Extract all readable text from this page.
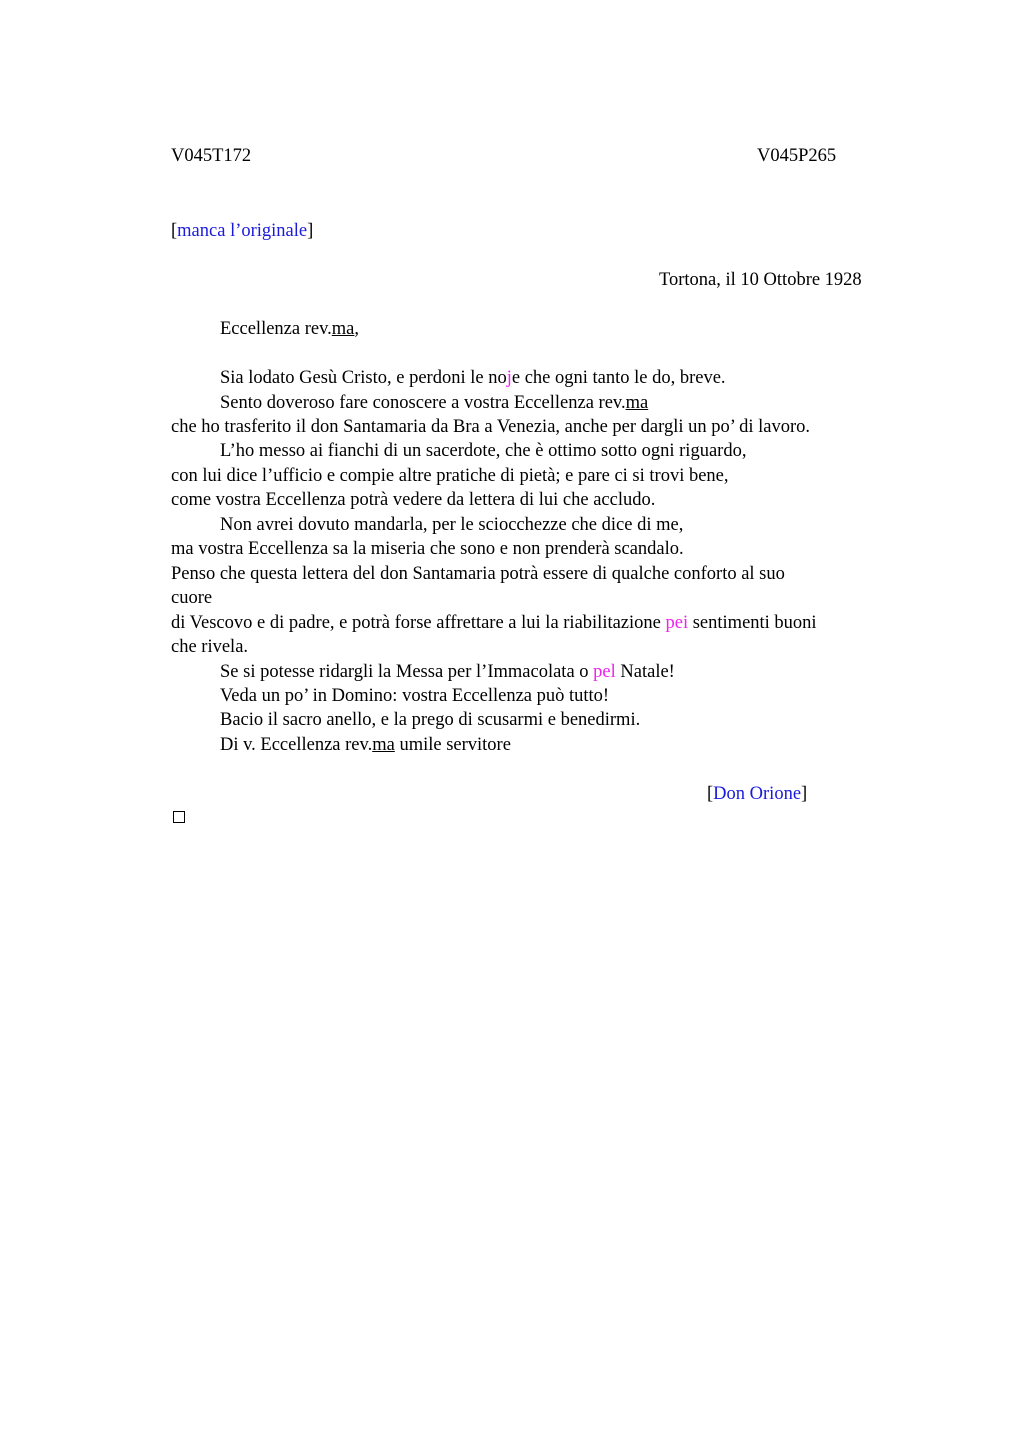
V045T172	V045P265
[manca l’originale]
Tortona, il 10 Ottobre 1928
Eccellenza rev.ma,
Sia lodato Gesù Cristo, e perdoni le noje che ogni tanto le do, breve.
Sento doveroso fare conoscere a vostra Eccellenza rev.ma
che ho trasferito il don Santamaria da Bra a Venezia, anche per dargli un po’ di lavoro.
L’ho messo ai fianchi di un sacerdote, che è ottimo sotto ogni riguardo,
con lui dice l’ufficio e compie altre pratiche di pietà; e pare ci si trovi bene,
come vostra Eccellenza potrà vedere da lettera di lui che accludo.
Non avrei dovuto mandarla, per le sciocchezze che dice di me,
ma vostra Eccellenza sa la miseria che sono e non prenderà scandalo.
Penso che questa lettera del don Santamaria potrà essere di qualche conforto al suo
cuore
di Vescovo e di padre, e potrà forse affrettare a lui la riabilitazione pei sentimenti buoni
che rivela.
Se si potesse ridargli la Messa per l’Immacolata o pel Natale!
Veda un po’ in Domino: vostra Eccellenza può tutto!
Bacio il sacro anello, e la prego di scusarmi e benedirmi.
Di v. Eccellenza rev.ma umile servitore
[Don Orione]
